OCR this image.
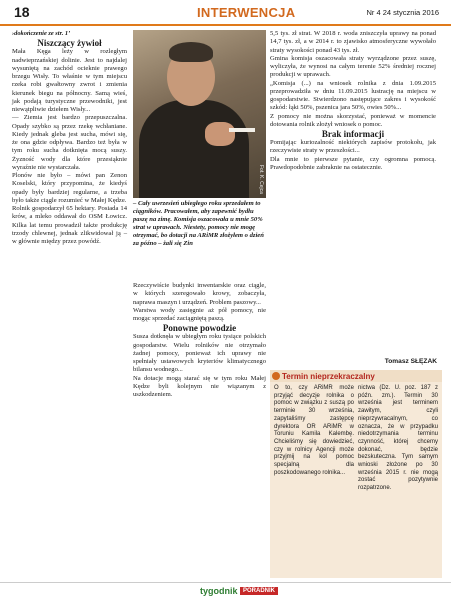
18	INTERWENCJA	Nr 4 24 stycznia 2016

›dokończenie ze str. 1ʼ

Niszczący żywioł

Mała Kęga leży w rozległym nadwieprzańskiej dolinie. Jest to najdalej wysuniętą na zachód ocieknie prawego brzegu Wisły. To właśnie w tym miejscu rzeka robi gwałtowny zwrot i zmienia kierunek biegu na północny. Samą wieś, jak podają turystyczne przewodniki, jest niewątpliwie dziełem Wisły...

— Ziemia jest bardzo przepuszczalna. Opady szybko są przez rzekę wchłaniane. Kiedy jednak gleba jest sucha, mówi się, że ona gdzie odpływa. Bardzo też była w tym roku sucha dotknięta mocą suszy. Żyzność wody dla które przesiąknie wyraźnie nie wystarczała.

Plonów nie było – mówi pan Zenon Koselski, który przypomina, że kiedyś opady były bardziej regularne, a trzeba było także ciągle rozumieć w Małej Kędze.

Rolnik gospodarzył 65 hektary. Posiada 14 krów, a mleko oddawał do OSM Łowicz. Kilka lat temu prowadził także produkcję trzody chlewnej, jednak zlikwidował ją – w głównie między przez powódź.

Fot. K. Cejca
– Cały uwrzesień ubiegłego roku sprzedałem to ciągników. Pracowałem, aby zapewnić bydłu paszę na zimę. Komisja oszacowała u mnie 50% strat w uprawach. Niestety, pomocy nie mogę otrzymać, bo dotacji na ARiMR złożyłem o dzień za późno – żali się Zin

Rzeczywiście budynki inwentarskie oraz ciągle, w których szeregowało krowy, zobaczyła, naprawa maszyn i urządzeń. Problem paszowy...

Warstwa wody zasięgnie aż pół pomocy, nie mogąc sprzedać zaciągniętą paszą.

Ponowne powodzie

Susza dotknęła w ubiegłym roku tysiące polskich gospodarstw. Wielu rolników nie otrzymało żadnej pomocy, ponieważ ich uprawy nie spełniały ustawowych kryteriów klimatycznego bilansu wodnego...

Na dotacje mogą starać się w tym roku Małej Kędze byli kolejnym nie wiązanym z uszkodzeniem.

5,5 tys. zł strat. W 2018 r. woda zniszczyła uprawy na ponad 14,7 tys. zł, a w 2014 r. to zjawisko atmosferyczne wywołało straty wysokości ponad 43 tys. zł.

Gmina komisja oszacowała straty wyrządzone przez suszę, wyliczyła, że wynosi na całym terenie 52% średniej rocznej produkcji w uprawach.

„Komisja (...) na wniosek rolnika z dnia 1.09.2015 przeprowadziła w dniu 11.09.2015 lustrację na miejscu w gospodarstwie. Stwierdzono następujące zakres i wysokość szkód: łąki 50%, pszenica jara 50%, owies 50%...

Z pomocy nie można skorzystać, ponieważ w momencie dotowania rolnik złożył wniosek o pomoc.

Brak informacji

Pomijając kuriozalność niektórych zapisów protokołu, jak rzeczywiste straty w przeszłości...

Dla mnie to pierwsze pytanie, czy ogromna pomocą. Prawdopodobnie zabraknie na ostatecznie.

Tomasz SŁĘZAK
Termin nieprzekraczalny
O to, czy ARiMR może przyjąć decyzje rolnika o pomoc w związku z suszą po terminie 30 września, zapytaliśmy zastępcę dyrektora OR ARiMR w Toruniu Kamila Kalembę. Chcieliśmy się dowiedzieć, czy w rolnicy Agencji może przyjmij na kol pomoc specjalną dla poszkodowanego rolnika...
nictwa (Dz. U. poz. 187 z późn. zm.). Termin 30 września jest terminem zawitym, czyli nieprzywracalnym, co oznacza, że w przypadku niedotrzymania terminu czynność, której chcemy dokonać, będzie bezskuteczna. Tym samym wnioski złożone po 30 września 2015 r. nie mogą zostać pozytywnie rozpatrzone.
tygodnik PORADNIK
